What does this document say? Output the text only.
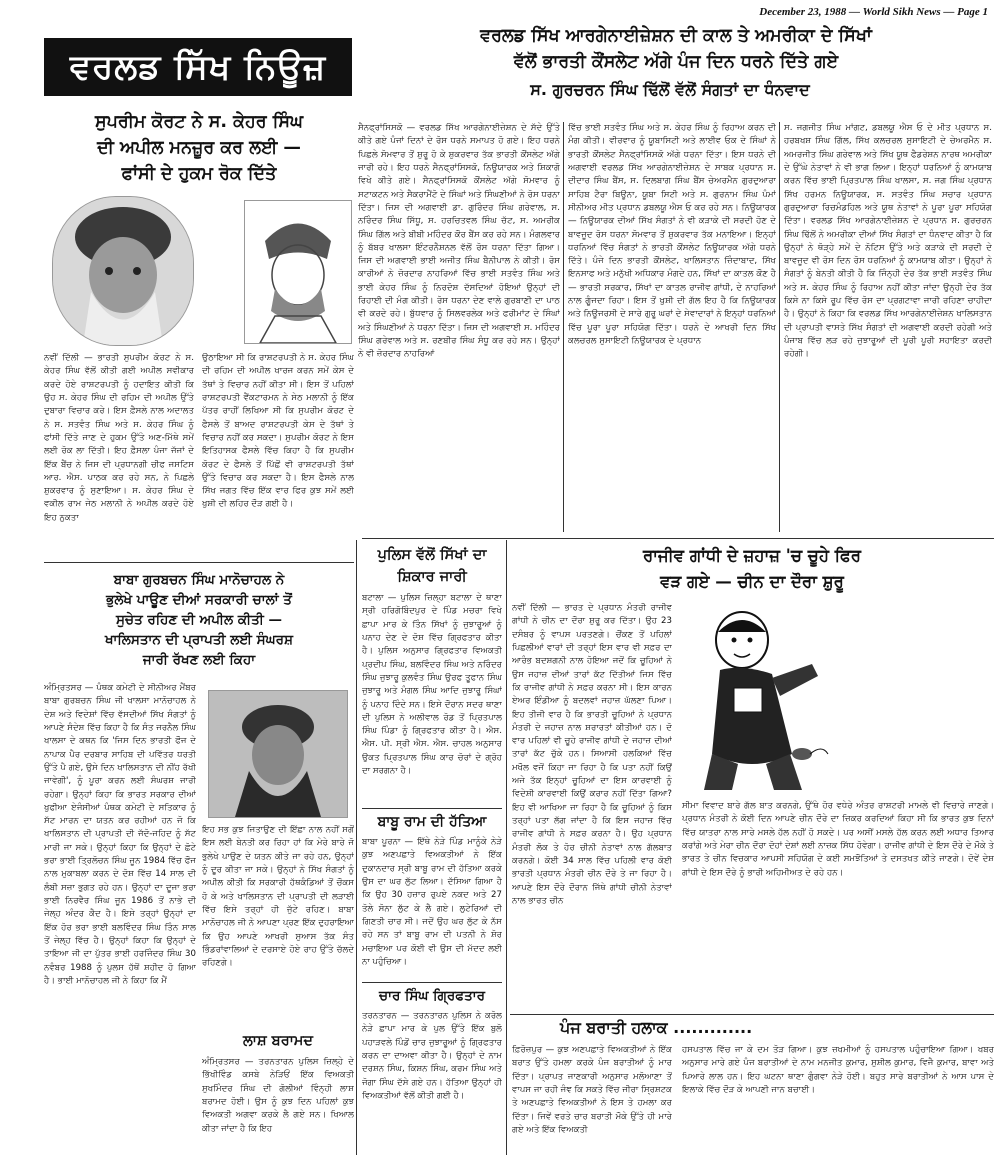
December 23, 1988 — World Sikh News — Page 1
ਵਰਲਡ ਸਿੱਖ ਨਿਊਜ਼
ਵਰਲਡ ਸਿੱਖ ਆਰਗੇਨਾਈਜ਼ੇਸ਼ਨ ਦੀ ਕਾਲ ਤੇ ਅਮਰੀਕਾ ਦੇ ਸਿੱਖਾਂ
ਵੱਲੋਂ ਭਾਰਤੀ ਕੌਂਸਲੇਟ ਅੱਗੇ ਪੰਜ ਦਿਨ ਧਰਨੇ ਦਿੱਤੇ ਗਏ
ਸ. ਗੁਰਚਰਨ ਸਿੰਘ ਢਿੱਲੋਂ ਵੱਲੋਂ ਸੰਗਤਾਂ ਦਾ ਧੰਨਵਾਦ
ਸੈਨਫ੍ਰਾਂਸਿਸਕੋ — ਵਰਲਡ ਸਿੱਖ ਆਰਗੇਨਾਈਜ਼ੇਸ਼ਨ ਦੇ ਸੱਦੇ ਉੱਤੇ ਕੀਤੇ ਗਏ ਪੰਜਾਂ ਦਿਨਾਂ ਦੇ ਰੋਸ ਧਰਨੇ ਸਮਾਪਤ ਹੋ ਗਏ। ਇਹ ਧਰਨੇ ਪਿਛਲੇ ਸੋਮਵਾਰ ਤੋਂ ਸ਼ੁਰੂ ਹੋ ਕੇ ਸ਼ੁਕਰਵਾਰ ਤੱਕ ਭਾਰਤੀ ਕੌਂਸਲੇਟ ਅੱਗੇ ਜਾਰੀ ਰਹੇ। ਇਹ ਧਰਨੇ ਸੈਨਫ੍ਰਾਂਸਿਸਕੋ, ਨਿਊਯਾਰਕ ਅਤੇ ਸ਼ਿਕਾਗੋ ਵਿਖੇ ਕੀਤੇ ਗਏ। ਸੈਨਫ੍ਰਾਂਸਿਸਕੋ ਕੌਂਸਲੇਟ ਅੱਗੇ ਸੋਮਵਾਰ ਨੂੰ ਸਟਾਕਟਨ ਅਤੇ ਸੈਕਰਾਮੈਂਟੋ ਦੇ ਸਿੰਘਾਂ ਅਤੇ ਸਿੰਘਣੀਆਂ ਨੇ ਰੋਸ ਧਰਨਾ ਦਿੱਤਾ। ਜਿਸ ਦੀ ਅਗਵਾਈ ਡਾ. ਗੁਰਿੰਦਰ ਸਿੰਘ ਗਰੇਵਾਲ, ਸ. ਨਰਿੰਦਰ ਸਿੰਘ ਸਿੱਧੂ, ਸ. ਹਰਚਿਤਵਲ ਸਿੰਘ ਚੱਟ, ਸ. ਅਮਰੀਕ ਸਿੰਘ ਗਿੱਲ ਅਤੇ ਬੀਬੀ ਮਹਿੰਦਰ ਕੌਰ ਬੈਂਸ ਕਰ ਰਹੇ ਸਨ। ਮੰਗਲਵਾਰ ਨੂੰ ਬੱਬਰ ਖਾਲਸਾ ਇੰਟਰਨੈਸ਼ਨਲ ਵੱਲੋਂ ਰੋਸ ਧਰਨਾ ਦਿੱਤਾ ਗਿਆ। ਜਿਸ ਦੀ ਅਗਵਾਈ ਭਾਈ ਅਜੀਤ ਸਿੰਘ ਬੈਨੀਪਾਲ ਨੇ ਕੀਤੀ। ਰੋਸ ਕਾਰੀਆਂ ਨੇ ਜ਼ੋਰਦਾਰ ਨਾਹਰਿਆਂ ਵਿੱਚ ਭਾਈ ਸਤਵੰਤ ਸਿੰਘ ਅਤੇ ਭਾਈ ਕੇਹਰ ਸਿੰਘ ਨੂੰ ਨਿਰਦੋਸ਼ ਦੱਸਦਿਆਂ ਹੋਇਆਂ ਉਨ੍ਹਾਂ ਦੀ ਰਿਹਾਈ ਦੀ ਮੰਗ ਕੀਤੀ। ਰੋਸ ਧਰਨਾ ਦੇਣ ਵਾਲੇ ਗੁਰਬਾਣੀ ਦਾ ਪਾਠ ਵੀ ਕਰਦੇ ਰਹੇ। ਬੁੱਧਵਾਰ ਨੂੰ ਸਿਲਵਰਲੇਕ ਅਤੇ ਫਰੀਮਾਂਟ ਦੇ ਸਿੰਘਾਂ ਅਤੇ ਸਿੰਘਣੀਆਂ ਨੇ ਧਰਨਾ ਦਿੱਤਾ। ਜਿਸ ਦੀ ਅਗਵਾਈ ਸ. ਮਹਿੰਦਰ ਸਿੰਘ ਗਰੇਵਾਲ ਅਤੇ ਸ. ਰਣਬੀਰ ਸਿੰਘ ਸੰਧੂ ਕਰ ਰਹੇ ਸਨ। ਉਨ੍ਹਾਂ ਨੇ ਵੀ ਜ਼ੋਰਦਾਰ ਨਾਹਰਿਆਂ
ਵਿੱਚ ਭਾਈ ਸਤਵੰਤ ਸਿੰਘ ਅਤੇ ਸ. ਕੇਹਰ ਸਿੰਘ ਨੂੰ ਰਿਹਾਅ ਕਰਨ ਦੀ ਮੰਗ ਕੀਤੀ। ਵੀਰਵਾਰ ਨੂੰ ਯੂਬਾਸਿਟੀ ਅਤੇ ਲਾਈਵ ਓਕ ਦੇ ਸਿੰਘਾਂ ਨੇ ਭਾਰਤੀ ਕੌਂਸਲੇਟ ਸੈਨਫ੍ਰਾਂਸਿਸਕੋ ਅੱਗੇ ਧਰਨਾ ਦਿੱਤਾ। ਇਸ ਧਰਨੇ ਦੀ ਅਗਵਾਈ ਵਰਲਡ ਸਿੱਖ ਆਰਗੇਨਾਈਜ਼ੇਸ਼ਨ ਦੇ ਸਾਬਕ ਪ੍ਰਧਾਨ ਸ. ਦੀਦਾਰ ਸਿੰਘ ਬੈਂਸ, ਸ. ਦਿਲਬਾਗ ਸਿੰਘ ਬੈਂਸ ਚੇਅਰਮੈਨ ਗੁਰਦੁਆਰਾ ਸਾਹਿਬ ਟੈਰਾ ਬਿਊਨਾ, ਯੂਬਾ ਸਿਟੀ ਅਤੇ ਸ. ਗੁਰਨਾਮ ਸਿੰਘ ਪੰਮਾਂ ਸੀਨੀਅਰ ਮੀਤ ਪ੍ਰਧਾਨ ਡਬਲਯੂ ਐਸ ਓ ਕਰ ਰਹੇ ਸਨ। ਨਿਊਯਾਰਕ — ਨਿਊਯਾਰਕ ਦੀਆਂ ਸਿੱਖ ਸੰਗਤਾਂ ਨੇ ਵੀ ਕੜਾਕੇ ਦੀ ਸਰਦੀ ਹੋਣ ਦੇ ਬਾਵਜੂਦ ਰੋਸ ਧਰਨਾ ਸੋਮਵਾਰ ਤੋਂ ਸ਼ੁਕਰਵਾਰ ਤੱਕ ਮਨਾਇਆ। ਇਨ੍ਹਾਂ ਧਰਨਿਆਂ ਵਿੱਚ ਸੰਗਤਾਂ ਨੇ ਭਾਰਤੀ ਕੌਂਸਲੇਟ ਨਿਊਯਾਰਕ ਅੱਗੇ ਧਰਨੇ ਦਿੱਤੇ। ਪੰਜੇ ਦਿਨ ਭਾਰਤੀ ਕੌਂਸਲੇਟ, ਖਾਲਿਸਤਾਨ ਜ਼ਿੰਦਾਬਾਦ, ਸਿੱਖ ਇਨਸਾਫ ਅਤੇ ਮਨੁੱਖੀ ਅਧਿਕਾਰ ਮੰਗਦੇ ਹਨ, ਸਿੱਖਾਂ ਦਾ ਕਾਤਲ ਕੌਣ ਹੈ — ਭਾਰਤੀ ਸਰਕਾਰ, ਸਿੱਖਾਂ ਦਾ ਕਾਤਲ ਰਾਜੀਵ ਗਾਂਧੀ, ਦੇ ਨਾਹਰਿਆਂ ਨਾਲ ਗੂੰਜਦਾ ਰਿਹਾ। ਇਸ ਤੋਂ ਖੁਸ਼ੀ ਦੀ ਗੱਲ ਇਹ ਹੈ ਕਿ ਨਿਊਯਾਰਕ ਅਤੇ ਨਿਊਜਰਸੀ ਦੇ ਸਾਰੇ ਗੁਰੂ ਘਰਾਂ ਦੇ ਸੇਵਾਦਾਰਾਂ ਨੇ ਇਨ੍ਹਾਂ ਧਰਨਿਆਂ ਵਿੱਚ ਪੂਰਾ ਪੂਰਾ ਸਹਿਯੋਗ ਦਿੱਤਾ। ਧਰਨੇ ਦੇ ਆਖਰੀ ਦਿਨ ਸਿੱਖ ਕਲਚਰਲ ਸੁਸਾਇਟੀ ਨਿਊਯਾਰਕ ਦੇ ਪ੍ਰਧਾਨ
ਸ. ਜਗਜੀਤ ਸਿੰਘ ਮਾਂਗਟ, ਡਬਲਯੂ ਐਸ ਓ ਦੇ ਮੀਤ ਪ੍ਰਧਾਨ ਸ. ਹਰਬਖਸ਼ ਸਿੰਘ ਗਿੱਲ, ਸਿੱਖ ਕਲਚਰਲ ਸੁਸਾਇਟੀ ਦੇ ਚੇਅਰਮੈਨ ਸ. ਅਮਰਜੀਤ ਸਿੰਘ ਗਰੇਵਾਲ ਅਤੇ ਸਿੱਖ ਯੂਥ ਫੈਡਰੇਸ਼ਨ ਨਾਰਥ ਅਮਰੀਕਾ ਦੇ ਉੱਘੇ ਨੇਤਾਵਾਂ ਨੇ ਵੀ ਭਾਗ ਲਿਆ। ਇਨ੍ਹਾਂ ਧਰਨਿਆਂ ਨੂੰ ਕਾਮਯਾਬ ਕਰਨ ਵਿੱਚ ਭਾਈ ਪ੍ਰਿਤਪਾਲ ਸਿੰਘ ਖਾਲਸਾ, ਸ. ਜਗ ਸਿੰਘ ਪ੍ਰਧਾਨ ਸਿੱਖ ਹਰਮਨ ਨਿਊਯਾਰਕ, ਸ. ਸਤਵੰਤ ਸਿੰਘ ਸਚਾਰ ਪ੍ਰਧਾਨ ਗੁਰਦੁਆਰਾ ਰਿਚਮੰਡਹਿਲ ਅਤੇ ਯੂਥ ਨੇਤਾਵਾਂ ਨੇ ਪੂਰਾ ਪੂਰਾ ਸਹਿਯੋਗ ਦਿੱਤਾ। ਵਰਲਡ ਸਿੱਖ ਆਰਗੇਨਾਈਜ਼ੇਸ਼ਨ ਦੇ ਪ੍ਰਧਾਨ ਸ. ਗੁਰਚਰਨ ਸਿੰਘ ਢਿੱਲੋਂ ਨੇ ਅਮਰੀਕਾ ਦੀਆਂ ਸਿੱਖ ਸੰਗਤਾਂ ਦਾ ਧੰਨਵਾਦ ਕੀਤਾ ਹੈ ਕਿ ਉਨ੍ਹਾਂ ਨੇ ਥੋੜ੍ਹੇ ਸਮੇਂ ਦੇ ਨੋਟਿਸ ਉੱਤੇ ਅਤੇ ਕੜਾਕੇ ਦੀ ਸਰਦੀ ਦੇ ਬਾਵਜੂਦ ਵੀ ਰੋਸ ਦਿਨ ਰੋਸ ਧਰਨਿਆਂ ਨੂੰ ਕਾਮਯਾਬ ਕੀਤਾ। ਉਨ੍ਹਾਂ ਨੇ ਸੰਗਤਾਂ ਨੂੰ ਬੇਨਤੀ ਕੀਤੀ ਹੈ ਕਿ ਜਿੰਨ੍ਹੀ ਦੇਰ ਤੱਕ ਭਾਈ ਸਤਵੰਤ ਸਿੰਘ ਅਤੇ ਸ. ਕੇਹਰ ਸਿੰਘ ਨੂੰ ਰਿਹਾਅ ਨਹੀਂ ਕੀਤਾ ਜਾਂਦਾ ਉਨ੍ਹੀ ਦੇਰ ਤੱਕ ਕਿਸੇ ਨਾ ਕਿਸੇ ਰੂਪ ਵਿੱਚ ਰੋਸ ਦਾ ਪ੍ਰਗਟਾਵਾ ਜਾਰੀ ਰਹਿਣਾ ਚਾਹੀਦਾ ਹੈ। ਉਨ੍ਹਾਂ ਨੇ ਕਿਹਾ ਕਿ ਵਰਲਡ ਸਿੱਖ ਆਰਗੇਨਾਈਜ਼ੇਸ਼ਨ ਖਾਲਿਸਤਾਨ ਦੀ ਪ੍ਰਾਪਤੀ ਵਾਸਤੇ ਸਿੱਖ ਸੰਗਤਾਂ ਦੀ ਅਗਵਾਈ ਕਰਦੀ ਰਹੇਗੀ ਅਤੇ ਪੰਜਾਬ ਵਿੱਚ ਲੜ ਰਹੇ ਜੁਝਾਰੂਆਂ ਦੀ ਪੂਰੀ ਪੂਰੀ ਸਹਾਇਤਾ ਕਰਦੀ ਰਹੇਗੀ।
ਸੁਪਰੀਮ ਕੋਰਟ ਨੇ ਸ. ਕੇਹਰ ਸਿੰਘ
ਦੀ ਅਪੀਲ ਮਨਜ਼ੂਰ ਕਰ ਲਈ —
ਫਾਂਸੀ ਦੇ ਹੁਕਮ ਰੋਕ ਦਿੱਤੇ
ਨਵੀਂ ਦਿੱਲੀ — ਭਾਰਤੀ ਸੁਪਰੀਮ ਕੋਰਟ ਨੇ ਸ. ਕੇਹਰ ਸਿੰਘ ਵੱਲੋਂ ਕੀਤੀ ਗਈ ਅਪੀਲ ਸਵੀਕਾਰ ਕਰਦੇ ਹੋਏ ਰਾਸ਼ਟਰਪਤੀ ਨੂੰ ਹਦਾਇਤ ਕੀਤੀ ਕਿ ਉਹ ਸ. ਕੇਹਰ ਸਿੰਘ ਦੀ ਰਹਿਮ ਦੀ ਅਪੀਲ ਉੱਤੇ ਦੁਬਾਰਾ ਵਿਚਾਰ ਕਰੇ। ਇਸ ਫ਼ੈਸਲੇ ਨਾਲ ਅਦਾਲਤ ਨੇ ਸ. ਸਤਵੰਤ ਸਿੰਘ ਅਤੇ ਸ. ਕੇਹਰ ਸਿੰਘ ਨੂੰ ਫਾਂਸੀ ਦਿੱਤੇ ਜਾਣ ਦੇ ਹੁਕਮ ਉੱਤੇ ਅਣ-ਮਿੱਥੇ ਸਮੇਂ ਲਈ ਰੋਕ ਲਾ ਦਿੱਤੀ। ਇਹ ਫ਼ੈਸਲਾ ਪੰਜਾ ਜੱਜਾਂ ਦੇ ਇੱਕ ਬੈਂਚ ਨੇ ਜਿਸ ਦੀ ਪ੍ਰਧਾਨਗੀ ਚੀਫ ਜਸਟਿਸ ਆਰ. ਐਸ. ਪਾਠਕ ਕਰ ਰਹੇ ਸਨ, ਨੇ ਪਿਛਲੇ ਸ਼ੁਕਰਵਾਰ ਨੂੰ ਸੁਣਾਇਆ। ਸ. ਕੇਹਰ ਸਿੰਘ ਦੇ ਵਕੀਲ ਰਾਮ ਜੇਠ ਮਲਾਨੀ ਨੇ ਅਪੀਲ ਕਰਦੇ ਹੋਏ ਇਹ ਨੁਕਤਾ
ਉਠਾਇਆ ਸੀ ਕਿ ਰਾਸ਼ਟਰਪਤੀ ਨੇ ਸ. ਕੇਹਰ ਸਿੰਘ ਦੀ ਰਹਿਮ ਦੀ ਅਪੀਲ ਖਾਰਜ ਕਰਨ ਸਮੇਂ ਕੇਸ ਦੇ ਤੱਥਾਂ ਤੇ ਵਿਚਾਰ ਨਹੀਂ ਕੀਤਾ ਸੀ। ਇਸ ਤੋਂ ਪਹਿਲਾਂ ਰਾਸ਼ਟਰਪਤੀ ਵੈਂਕਟਾਰਮਨ ਨੇ ਸੇਠ ਮਲਾਨੀ ਨੂੰ ਇੱਕ ਪੱਤਰ ਰਾਹੀਂ ਲਿਖਿਆ ਸੀ ਕਿ ਸੁਪਰੀਮ ਕੋਰਟ ਦੇ ਫੈਸਲੇ ਤੋਂ ਬਾਅਦ ਰਾਸ਼ਟਰਪਤੀ ਕੇਸ ਦੇ ਤੱਥਾਂ ਤੇ ਵਿਚਾਰ ਨਹੀਂ ਕਰ ਸਕਦਾ। ਸੁਪਰੀਮ ਕੋਰਟ ਨੇ ਇਸ ਇਤਿਹਾਸਕ ਫੈਸਲੇ ਵਿੱਚ ਕਿਹਾ ਹੈ ਕਿ ਸੁਪਰੀਮ ਕੋਰਟ ਦੇ ਫੈਸਲੇ ਤੋਂ ਪਿੱਛੋਂ ਵੀ ਰਾਸ਼ਟਰਪਤੀ ਤੱਥਾਂ ਉੱਤੇ ਵਿਚਾਰ ਕਰ ਸਕਦਾ ਹੈ। ਇਸ ਫੈਸਲੇ ਨਾਲ ਸਿੱਖ ਜਗਤ ਵਿੱਚ ਇੱਕ ਵਾਰ ਫਿਰ ਕੁਝ ਸਮੇਂ ਲਈ ਖੁਸ਼ੀ ਦੀ ਲਹਿਰ ਦੌੜ ਗਈ ਹੈ।
ਬਾਬਾ ਗੁਰਬਚਨ ਸਿੰਘ ਮਾਨੋਚਾਹਲ ਨੇ
ਭੁਲੇਖੇ ਪਾਊਣ ਦੀਆਂ ਸਰਕਾਰੀ ਚਾਲਾਂ ਤੋਂ
ਸੁਚੇਤ ਰਹਿਣ ਦੀ ਅਪੀਲ ਕੀਤੀ —
ਖਾਲਿਸਤਾਨ ਦੀ ਪ੍ਰਾਪਤੀ ਲਈ ਸੰਘਰਸ਼
ਜਾਰੀ ਰੱਖਣ ਲਈ ਕਿਹਾ
ਅੰਮ੍ਰਿਤਸਰ — ਪੰਥਕ ਕਮੇਟੀ ਦੇ ਸੀਨੀਅਰ ਮੈਂਬਰ ਬਾਬਾ ਗੁਰਬਚਨ ਸਿੰਘ ਜੀ ਖਾਲਸਾ ਮਾਨੋਚਾਹਲ ਨੇ ਦੇਸ਼ ਅਤੇ ਵਿਦੇਸ਼ਾਂ ਵਿੱਚ ਵੱਸਦੀਆਂ ਸਿੱਖ ਸੰਗਤਾਂ ਨੂੰ ਆਪਣੇ ਸੰਦੇਸ਼ ਵਿੱਚ ਕਿਹਾ ਹੈ ਕਿ ਸੰਤ ਜਰਨੈਲ ਸਿੰਘ ਖਾਲਸਾ ਦੇ ਕਥਨ ਕਿ 'ਜਿਸ ਦਿਨ ਭਾਰਤੀ ਫੌਜ ਦੇ ਨਾਪਾਕ ਪੈਰ ਦਰਬਾਰ ਸਾਹਿਬ ਦੀ ਪਵਿੱਤਰ ਧਰਤੀ ਉੱਤੇ ਪੈ ਗਏ, ਉਸੇ ਦਿਨ ਖਾਲਿਸਤਾਨ ਦੀ ਨੀਂਹ ਰੱਖੀ ਜਾਵੇਗੀ', ਨੂੰ ਪੂਰਾ ਕਰਨ ਲਈ ਸੰਘਰਸ਼ ਜਾਰੀ ਰਹੇਗਾ। ਉਨ੍ਹਾਂ ਕਿਹਾ ਕਿ ਭਾਰਤ ਸਰਕਾਰ ਦੀਆਂ ਖੁਫੀਆ ਏਜੰਸੀਆਂ ਪੰਥਕ ਕਮੇਟੀ ਦੇ ਸਤਿਕਾਰ ਨੂੰ ਸੱਟ ਮਾਰਨ ਦਾ ਯਤਨ ਕਰ ਰਹੀਆਂ ਹਨ ਜੋ ਕਿ ਖਾਲਿਸਤਾਨ ਦੀ ਪ੍ਰਾਪਤੀ ਦੀ ਜੱਦੋ-ਜਹਿਦ ਨੂੰ ਸੱਟ ਮਾਰੀ ਜਾ ਸਕੇ। ਉਨ੍ਹਾਂ ਕਿਹਾ ਕਿ ਉਨ੍ਹਾਂ ਦੇ ਛੋਟੇ ਭਰਾ ਭਾਈ ਤ੍ਰਿਲੋਚਨ ਸਿੰਘ ਜੂਨ 1984 ਵਿੱਚ ਫੌਜ ਨਾਲ ਮੁਕਾਬਲਾ ਕਰਨ ਦੇ ਦੋਸ਼ ਵਿੱਚ 14 ਸਾਲ ਦੀ ਲੰਬੀ ਸਜ਼ਾ ਭੁਗਤ ਰਹੇ ਹਨ। ਉਨ੍ਹਾਂ ਦਾ ਦੂਜਾ ਭਰਾ ਭਾਈ ਨਿਰਵੈਰ ਸਿੰਘ ਜੂਨ 1986 ਤੋਂ ਨਾਭੇ ਦੀ ਜੇਲ੍ਹ ਅੰਦਰ ਕੈਦ ਹੈ। ਇਸੇ ਤਰ੍ਹਾਂ ਉਨ੍ਹਾਂ ਦਾ ਇੱਕ ਹੋਰ ਭਰਾ ਭਾਈ ਬਲਵਿੰਦਰ ਸਿੰਘ ਤਿੰਨ ਸਾਲ ਤੋਂ ਜੇਲ੍ਹ ਵਿੱਚ ਹੈ। ਉਨ੍ਹਾਂ ਕਿਹਾ ਕਿ ਉਨ੍ਹਾਂ ਦੇ ਤਾਇਆ ਜੀ ਦਾ ਪੁੱਤਰ ਭਾਈ ਹਰਜਿੰਦਰ ਸਿੰਘ 30 ਨਵੰਬਰ 1988 ਨੂੰ ਪੁਲਸ ਹੱਥੋਂ ਸ਼ਹੀਦ ਹੋ ਗਿਆ ਹੈ। ਭਾਈ ਮਾਨੋਚਾਹਲ ਜੀ ਨੇ ਕਿਹਾ ਕਿ ਮੈਂ
ਇਹ ਸਭ ਕੁਝ ਜਿਤਾਉਣ ਦੀ ਇੱਛਾ ਨਾਲ ਨਹੀਂ ਸਗੋਂ ਇਸ ਲਈ ਬੇਨਤੀ ਕਰ ਰਿਹਾ ਹਾਂ ਕਿ ਮੇਰੇ ਬਾਰੇ ਜੋ ਭੁਲੇਖੇ ਪਾਉਣ ਦੇ ਯਤਨ ਕੀਤੇ ਜਾ ਰਹੇ ਹਨ, ਉਨ੍ਹਾਂ ਨੂੰ ਦੂਰ ਕੀਤਾ ਜਾ ਸਕੇ। ਉਨ੍ਹਾਂ ਨੇ ਸਿੱਖ ਸੰਗਤਾਂ ਨੂੰ ਅਪੀਲ ਕੀਤੀ ਕਿ ਸਰਕਾਰੀ ਹੱਥਕੰਡਿਆਂ ਤੋਂ ਚੌਕਸ ਹੋ ਕੇ ਅਤੇ ਖਾਲਿਸਤਾਨ ਦੀ ਪ੍ਰਾਪਤੀ ਦੀ ਲੜਾਈ ਵਿੱਚ ਇਸੇ ਤਰ੍ਹਾਂ ਹੀ ਜੁੱਟੇ ਰਹਿਣ। ਬਾਬਾ ਮਾਨੋਚਾਹਲ ਜੀ ਨੇ ਆਪਣਾ ਪ੍ਰਣ ਇੱਕ ਦੁਹਰਾਇਆ ਕਿ ਉਹ ਆਪਣੇ ਆਖਰੀ ਸੁਆਸ ਤੱਕ ਸੰਤ ਭਿੰਡਰਾਂਵਾਲਿਆਂ ਦੇ ਦਰਸਾਏ ਹੋਏ ਰਾਹ ਉੱਤੇ ਚੱਲਦੇ ਰਹਿਣਗੇ।
ਲਾਸ਼ ਬਰਾਮਦ
ਅੰਮ੍ਰਿਤਸਰ — ਤਰਨਤਾਰਨ ਪੁਲਿਸ ਜ਼ਿਲ੍ਹੇ ਦੇ ਭਿੱਖੀਵਿੰਡ ਕਸਬੇ ਨੇੜਿਓਂ ਇੱਕ ਵਿਅਕਤੀ ਸੁਖਮਿੰਦਰ ਸਿੰਘ ਦੀ ਗੋਲੀਆਂ ਵਿੰਨ੍ਹੀ ਲਾਸ਼ ਬਰਾਮਦ ਹੋਈ। ਉਸ ਨੂੰ ਕੁਝ ਦਿਨ ਪਹਿਲਾਂ ਕੁਝ ਵਿਅਕਤੀ ਅਗਵਾ ਕਰਕੇ ਲੈ ਗਏ ਸਨ। ਖਿਆਲ ਕੀਤਾ ਜਾਂਦਾ ਹੈ ਕਿ ਇਹ
ਪੁਲਿਸ ਵੱਲੋਂ ਸਿੱਖਾਂ ਦਾ
ਸ਼ਿਕਾਰ ਜਾਰੀ
ਬਟਾਲਾ — ਪੁਲਿਸ ਜ਼ਿਲ੍ਹਾ ਬਟਾਲਾ ਦੇ ਥਾਣਾ ਸ੍ਰੀ ਹਰਿਗੋਬਿੰਦਪੁਰ ਦੇ ਪਿੰਡ ਮਚਰਾ ਵਿਖੇ ਛਾਪਾ ਮਾਰ ਕੇ ਤਿੰਨ ਸਿੱਖਾਂ ਨੂੰ ਜੁਝਾਰੂਆਂ ਨੂੰ ਪਨਾਹ ਦੇਣ ਦੇ ਦੋਸ਼ ਵਿੱਚ ਗ੍ਰਿਫਤਾਰ ਕੀਤਾ ਹੈ। ਪੁਲਿਸ ਅਨੁਸਾਰ ਗ੍ਰਿਫਤਾਰ ਵਿਅਕਤੀ ਪ੍ਰਦੀਪ ਸਿੰਘ, ਬਲਵਿੰਦਰ ਸਿੰਘ ਅਤੇ ਨਰਿੰਦਰ ਸਿੰਘ ਜੁਝਾਰੂ ਕੁਲਵੰਤ ਸਿੰਘ ਉਰਫ ਤੂਫਾਨ ਸਿੰਘ ਜੁਝਾਰੂ ਅਤੇ ਮੰਗਲ ਸਿੰਘ ਆਦਿ ਜੁਝਾਰੂ ਸਿੰਘਾਂ ਨੂੰ ਪਨਾਹ ਦਿੰਦੇ ਸਨ। ਇਸੇ ਦੌਰਾਨ ਸਦਰ ਥਾਣਾ ਦੀ ਪੁਲਿਸ ਨੇ ਅਲੀਵਾਲ ਰੋਡ ਤੋਂ ਪ੍ਰਿਤਪਾਲ ਸਿੰਘ ਪਿੰਡਾ ਨੂੰ ਗ੍ਰਿਫਤਾਰ ਕੀਤਾ ਹੈ। ਐਸ. ਐਸ. ਪੀ. ਸ੍ਰੀ ਐਸ. ਐਸ. ਚਾਹਲ ਅਨੁਸਾਰ ਉਕਤ ਪ੍ਰਿਤਪਾਲ ਸਿੰਘ ਕਾਰ ਚੋਰਾਂ ਦੇ ਗ੍ਰੋਹ ਦਾ ਸਰਗਨਾ ਹੈ।
ਬਾਬੂ ਰਾਮ ਦੀ ਹੱਤਿਆ
ਬਾਬਾ ਪੂਰਨਾ — ਇੱਥੇ ਨੇੜੇ ਪਿੰਡ ਮਾਨੂੰਕੇ ਨੇੜੇ ਕੁਝ ਅਣਪਛਾਤੇ ਵਿਅਕਤੀਆਂ ਨੇ ਇੱਕ ਦੁਕਾਨਦਾਰ ਸ੍ਰੀ ਬਾਬੂ ਰਾਮ ਦੀ ਹੱਤਿਆ ਕਰਕੇ ਉਸ ਦਾ ਘਰ ਲੁੱਟ ਲਿਆ। ਦੱਸਿਆ ਗਿਆ ਹੈ ਕਿ ਉਹ 30 ਹਜ਼ਾਰ ਰੁਪਏ ਨਕਦ ਅਤੇ 27 ਤੋਲੇ ਸੋਨਾ ਲੁੱਟ ਕੇ ਲੈ ਗਏ। ਲੁਟੇਰਿਆਂ ਦੀ ਗਿਣਤੀ ਚਾਰ ਸੀ। ਜਦੋਂ ਉਹ ਘਰ ਲੁੱਟ ਕੇ ਨੱਸ ਰਹੇ ਸਨ ਤਾਂ ਬਾਬੂ ਰਾਮ ਦੀ ਪਤਨੀ ਨੇ ਸ਼ੋਰ ਮਚਾਇਆ ਪਰ ਕੋਈ ਵੀ ਉਸ ਦੀ ਮੱਦਦ ਲਈ ਨਾ ਪਹੁੰਚਿਆ।
ਚਾਰ ਸਿੰਘ ਗ੍ਰਿਫਤਾਰ
ਤਰਨਤਾਰਨ — ਤਰਨਤਾਰਨ ਪੁਲਿਸ ਨੇ ਕਰੋਲ ਨੇੜੇ ਛਾਪਾ ਮਾਰ ਕੇ ਪੁਲ ਉੱਤੇ ਇੱਕ ਬੁਲੋ ਪਹਾੜਵਲੇ ਪਿੰਡੋਂ ਚਾਰ ਜੁਝਾਰੂਆਂ ਨੂੰ ਗ੍ਰਿਫਤਾਰ ਕਰਨ ਦਾ ਦਾਅਵਾ ਕੀਤਾ ਹੈ। ਉਨ੍ਹਾਂ ਦੇ ਨਾਮ ਦਰਸ਼ਨ ਸਿੰਘ, ਕਿਸ਼ਨ ਸਿੰਘ, ਕਰਮ ਸਿੰਘ ਅਤੇ ਜੋਗਾ ਸਿੰਘ ਦੱਸੇ ਗਏ ਹਨ। ਹੱਤਿਆ ਉਨ੍ਹਾਂ ਹੀ ਵਿਅਕਤੀਆਂ ਵੱਲੋਂ ਕੀਤੀ ਗਈ ਹੈ।
ਰਾਜੀਵ ਗਾਂਧੀ ਦੇ ਜ਼ਹਾਜ਼ 'ਚ ਚੂਹੇ ਫਿਰ
ਵੜ ਗਏ — ਚੀਨ ਦਾ ਦੌਰਾ ਸ਼ੁਰੂ
ਨਵੀਂ ਦਿੱਲੀ — ਭਾਰਤ ਦੇ ਪ੍ਰਧਾਨ ਮੰਤਰੀ ਰਾਜੀਵ ਗਾਂਧੀ ਨੇ ਚੀਨ ਦਾ ਦੌਰਾ ਸ਼ੁਰੂ ਕਰ ਦਿੱਤਾ। ਉਹ 23 ਦਸੰਬਰ ਨੂੰ ਵਾਪਸ ਪਰਤਣਗੇ। ਚੌਂਕਣ ਤੋਂ ਪਹਿਲਾਂ ਪਿਛਲੀਆਂ ਵਾਰਾਂ ਦੀ ਤਰ੍ਹਾਂ ਇਸ ਵਾਰ ਵੀ ਸਫ਼ਰ ਦਾ ਆਰੰਭ ਬਦਸ਼ਗਨੀ ਨਾਲ ਹੋਇਆ ਜਦੋਂ ਕਿ ਚੂਹਿਆਂ ਨੇ ਉਸ ਜਹਾਜ਼ ਦੀਆਂ ਤਾਰਾਂ ਕੱਟ ਦਿੱਤੀਆਂ ਜਿਸ ਵਿੱਚ ਕਿ ਰਾਜੀਵ ਗਾਂਧੀ ਨੇ ਸਫ਼ਰ ਕਰਨਾ ਸੀ। ਇਸ ਕਾਰਨ ਏਅਰ ਇੰਡੀਆ ਨੂੰ ਬਦਲਵਾਂ ਜਹਾਜ਼ ਘੱਲਣਾ ਪਿਆ। ਇਹ ਤੀਜੀ ਵਾਰ ਹੈ ਕਿ ਭਾਰਤੀ ਚੂਹਿਆਂ ਨੇ ਪ੍ਰਧਾਨ ਮੰਤਰੀ ਦੇ ਜਹਾਜ਼ ਨਾਲ ਸ਼ਰਾਰਤਾਂ ਕੀਤੀਆਂ ਹਨ। ਦੋ ਵਾਰ ਪਹਿਲਾਂ ਵੀ ਚੂਹੇ ਰਾਜੀਵ ਗਾਂਧੀ ਦੇ ਜਹਾਜ਼ ਦੀਆਂ ਤਾਰਾਂ ਕੱਟ ਚੁੱਕੇ ਹਨ। ਸਿਆਸੀ ਹਲਕਿਆਂ ਵਿੱਚ ਮਖੌਲ ਵਜੋਂ ਕਿਹਾ ਜਾ ਰਿਹਾ ਹੈ ਕਿ ਪਤਾ ਨਹੀਂ ਕਿਉਂ ਅਜੇ ਤੱਕ ਇਨ੍ਹਾਂ ਚੂਹਿਆਂ ਦਾ ਇਸ ਕਾਰਵਾਈ ਨੂੰ ਵਿਦੇਸ਼ੀ ਕਾਰਵਾਈ ਕਿਉਂ ਕਰਾਰ ਨਹੀਂ ਦਿੱਤਾ ਗਿਆ? ਇਹ ਵੀ ਆਖਿਆ ਜਾ ਰਿਹਾ ਹੈ ਕਿ ਚੂਹਿਆਂ ਨੂੰ ਕਿਸ ਤਰ੍ਹਾਂ ਪਤਾ ਲੱਗ ਜਾਂਦਾ ਹੈ ਕਿ ਇਸ ਜਹਾਜ਼ ਵਿੱਚ ਰਾਜੀਵ ਗਾਂਧੀ ਨੇ ਸਫ਼ਰ ਕਰਨਾ ਹੈ। ਉਹ ਪ੍ਰਧਾਨ ਮੰਤਰੀ ਲੋਕ ਤੇ ਹੋਰ ਚੀਨੀ ਨੇਤਾਵਾਂ ਨਾਲ ਗੱਲਬਾਤ ਕਰਨਗੇ। ਕੋਈ 34 ਸਾਲ ਵਿੱਚ ਪਹਿਲੀ ਵਾਰ ਕੋਈ ਭਾਰਤੀ ਪ੍ਰਧਾਨ ਮੰਤਰੀ ਚੀਨ ਦੌਰੇ ਤੇ ਜਾ ਰਿਹਾ ਹੈ। ਆਪਣੇ ਇਸ ਦੌਰੇ ਦੌਰਾਨ ਜਿੱਥੇ ਗਾਂਧੀ ਚੀਨੀ ਨੇਤਾਵਾਂ ਨਾਲ ਭਾਰਤ ਚੀਨ
ਸੀਮਾ ਵਿਵਾਦ ਬਾਰੇ ਗੱਲ ਬਾਤ ਕਰਨਗੇ, ਉੱਥੇ ਹੋਰ ਵਧੇਰੇ ਅੰਤਰ ਰਾਸ਼ਟਰੀ ਮਾਮਲੇ ਵੀ ਵਿਚਾਰੇ ਜਾਣਗੇ। ਪ੍ਰਧਾਨ ਮੰਤਰੀ ਨੇ ਕੋਈ ਦਿਨ ਆਪਣੇ ਚੀਨ ਦੌਰੇ ਦਾ ਜ਼ਿਕਰ ਕਰਦਿਆਂ ਕਿਹਾ ਸੀ ਕਿ ਭਾਰਤ ਕੁਝ ਦਿਨਾਂ ਵਿੱਚ ਯਾਤਰਾ ਨਾਲ ਸਾਰੇ ਮਸਲੇ ਹੱਲ ਨਹੀਂ ਹੋ ਸਕਦੇ। ਪਰ ਅਸੀਂ ਮਸਲੇ ਹੱਲ ਕਰਨ ਲਈ ਅਧਾਰ ਤਿਆਰ ਕਰਾਂਗੇ ਅਤੇ ਮੇਰਾ ਚੀਨ ਦੌਰਾ ਦੋਹਾਂ ਦੇਸ਼ਾਂ ਲਈ ਨਾਜ਼ਕ ਸਿੱਧ ਹੋਵੇਗਾ। ਰਾਜੀਵ ਗਾਂਧੀ ਦੇ ਇਸ ਦੌਰੇ ਦੇ ਮੌਕੇ ਤੇ ਭਾਰਤ ਤੇ ਚੀਨ ਵਿਚਕਾਰ ਆਪਸੀ ਸਹਿਯੋਗ ਦੇ ਕਈ ਸਮਝੌਤਿਆਂ ਤੇ ਦਸਤਖਤ ਕੀਤੇ ਜਾਣਗੇ। ਦੋਵੇਂ ਦੇਸ਼ ਗਾਂਧੀ ਦੇ ਇਸ ਦੌਰੇ ਨੂੰ ਭਾਰੀ ਅਹਿਮੀਅਤ ਦੇ ਰਹੇ ਹਨ।
ਪੰਜ ਬਰਾਤੀ ਹਲਾਕ .............
ਫ਼ਿਰੋਜ਼ਪੁਰ — ਕੁਝ ਅਣਪਛਾਤੇ ਵਿਅਕਤੀਆਂ ਨੇ ਇੱਕ ਬਰਾਤ ਉੱਤੇ ਹਮਲਾ ਕਰਕੇ ਪੰਜ ਬਰਾਤੀਆਂ ਨੂੰ ਮਾਰ ਦਿੱਤਾ। ਪ੍ਰਾਪਤ ਜਾਣਕਾਰੀ ਅਨੁਸਾਰ ਮਲੋਆਣਾ ਤੋਂ ਵਾਪਸ ਜਾ ਰਹੀ ਜੰਞ ਕਿ ਸਕਤੇ ਵਿੱਚ ਜੀਰਾ ਸ੍ਰਿਸ਼ਟਕ ਤੇ ਅਣਪਛਾਤੇ ਵਿਅਕਤੀਆਂ ਨੇ ਇਸ ਤੇ ਹਮਲਾ ਕਰ ਦਿੱਤਾ। ਜਿਵੇਂ ਵਰਤੇ ਚਾਰ ਬਰਾਤੀ ਮੌਕੇ ਉੱਤੇ ਹੀ ਮਾਰੇ ਗਏ ਅਤੇ ਇੱਕ ਵਿਅਕਤੀ
ਹਸਪਤਾਲ ਵਿੱਚ ਜਾ ਕੇ ਦਮ ਤੋੜ ਗਿਆ। ਕੁਝ ਜ਼ਖਮੀਆਂ ਨੂੰ ਹਸਪਤਾਲ ਪਹੁੰਚਾਇਆ ਗਿਆ। ਖਬਰ ਅਨੁਸਾਰ ਮਾਰੇ ਗਏ ਪੰਜ ਬਰਾਤੀਆਂ ਦੇ ਨਾਮ ਮਨਜੀਤ ਕੁਮਾਰ, ਸੁਸ਼ੀਲ ਕੁਮਾਰ, ਵਿਜੈ ਕੁਮਾਰ, ਬਾਵਾ ਅਤੇ ਪਿਆਰੇ ਲਾਲ ਹਨ। ਇਹ ਘਟਨਾ ਥਾਣਾ ਗੁੰਗਵਾ ਨੇੜੇ ਹੋਈ। ਬਹੁਤ ਸਾਰੇ ਬਰਾਤੀਆਂ ਨੇ ਆਸ ਪਾਸ ਦੇ ਇਲਾਕੇ ਵਿੱਚ ਦੌੜ ਕੇ ਆਪਣੀ ਜਾਨ ਬਚਾਈ।
